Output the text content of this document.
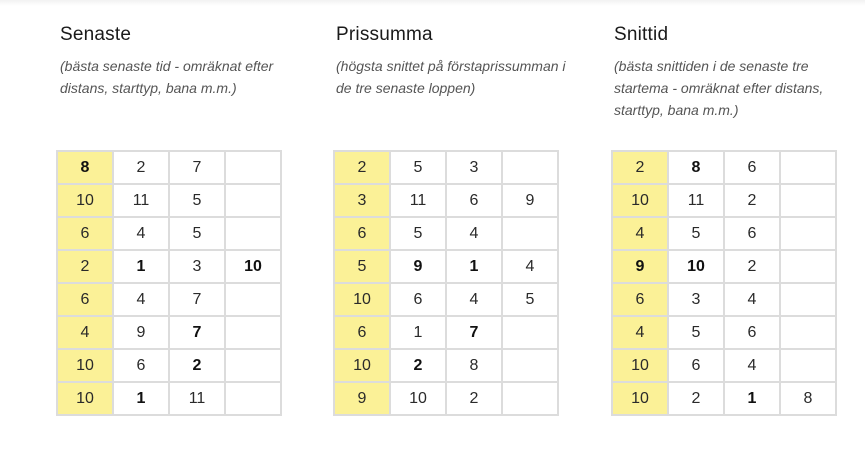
Senaste
(bästa senaste tid - omräknat efter distans, starttyp, bana m.m.)
8	2	7	
10	11	5	
6	4	5	
2	1	3	10
6	4	7	
4	9	7	
10	6	2	
10	1	11	
Prissumma
(högsta snittet på förstaprissumman i de tre senaste loppen)
2	5	3	
3	11	6	9
6	5	4	
5	9	1	4
10	6	4	5
6	1	7	
10	2	8	
9	10	2	
Snittid
(bästa snittiden i de senaste tre startema - omräknat efter distans, starttyp, bana m.m.)
2	8	6	
10	11	2	
4	5	6	
9	10	2	
6	3	4	
4	5	6	
10	6	4	
10	2	1	8
